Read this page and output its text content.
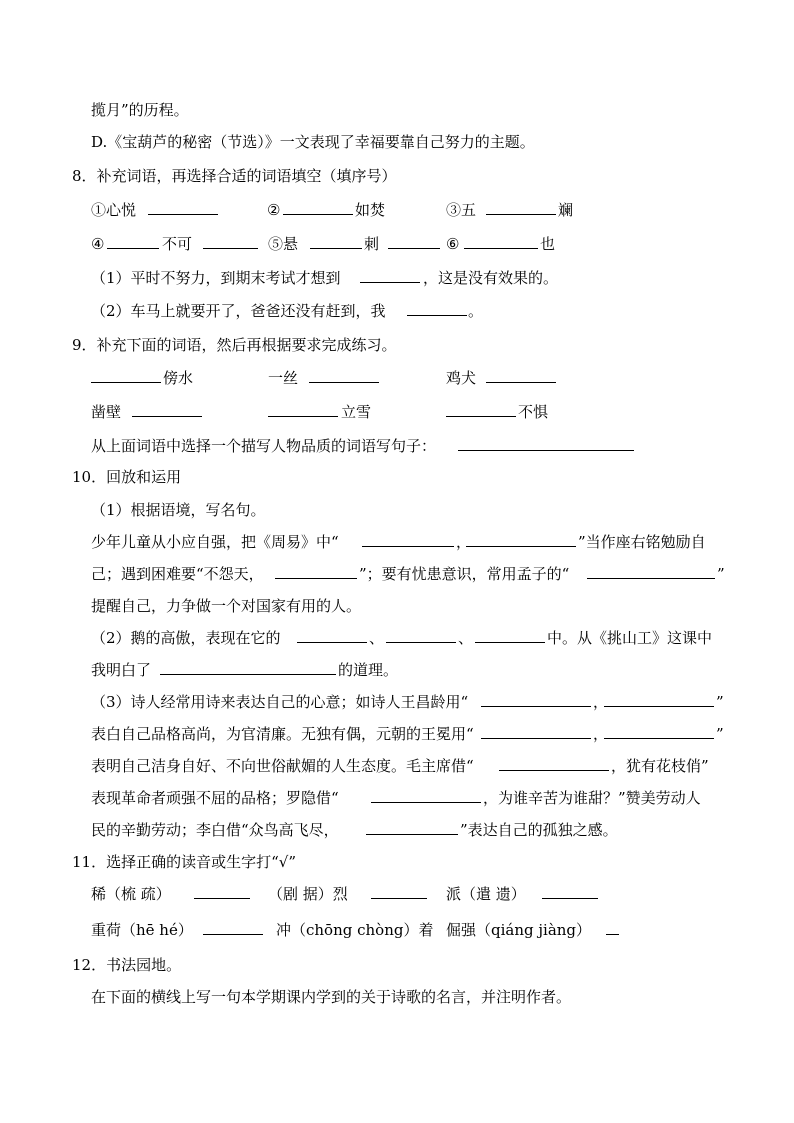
揽月”的历程。
D.《宝葫芦的秘密（节选）》一文表现了幸福要靠自己努力的主题。
8．补充词语，再选择合适的词语填空（填序号）
①心悦	②	如焚	③五	斓
④	不可	⑤悬	刺	⑥	也
（1）平时不努力，到期末考试才想到	，这是没有效果的。
（2）车马上就要开了，爸爸还没有赶到，我	。
9．补充下面的词语，然后再根据要求完成练习。
傍水	一丝	鸡犬
凿壁	立雪	不惧
从上面词语中选择一个描写人物品质的词语写句子：
10．回放和运用
（1）根据语境，写名句。
少年儿童从小应自强，把《周易》中“	，	”当作座右铭勉励自
己；遇到困难要“不怨天，	”；要有忧患意识，常用孟子的“	”
提醒自己，力争做一个对国家有用的人。
（2）鹅的高傲，表现在它的	、	、	中。从《挑山工》这课中
我明白了	的道理。
（3）诗人经常用诗来表达自己的心意；如诗人王昌龄用“	，	”
表白自己品格高尚，为官清廉。无独有偶，元朝的王冕用“	，	”
表明自己洁身自好、不向世俗献媚的人生态度。毛主席借“	，犹有花枝俏”
表现革命者顽强不屈的品格；罗隐借“	，为谁辛苦为谁甜？”赞美劳动人
民的辛勤劳动；李白借“众鸟高飞尽，	”表达自己的孤独之感。
11．选择正确的读音或生字打“√”
稀（梳 疏）	（剧 据）烈	派（遣 遗）
重荷（hē hé）	冲（chōng chòng）着 倔强（qiáng jiàng）
12．书法园地。
在下面的横线上写一句本学期课内学到的关于诗歌的名言，并注明作者。
